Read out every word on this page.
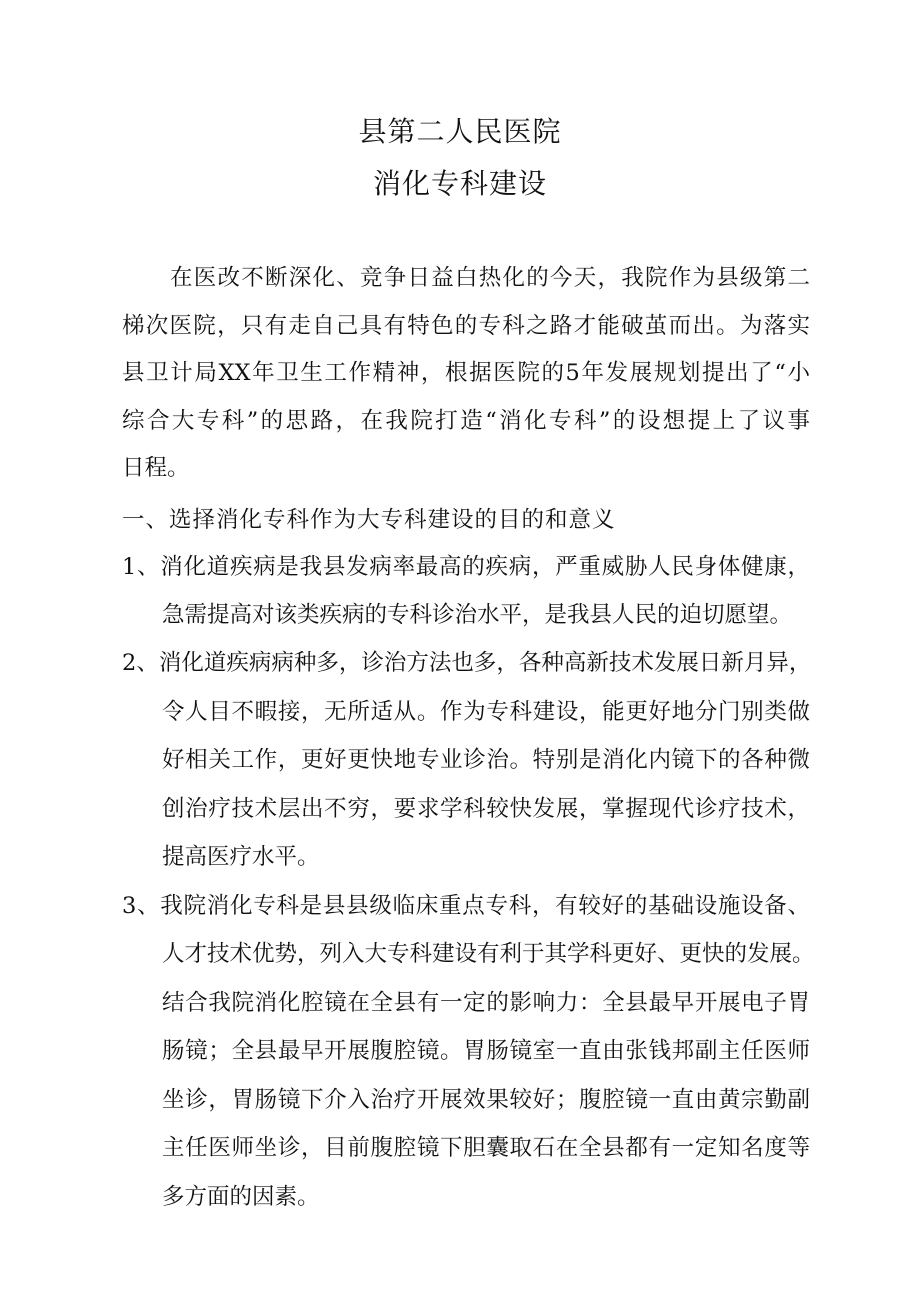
县第二人民医院
消化专科建设
在医改不断深化、竞争日益白热化的今天，我院作为县级第二
梯次医院，只有走自己具有特色的专科之路才能破茧而出。为落实
县卫计局XX年卫生工作精神，根据医院的5年发展规划提出了“小
综合大专科”的思路，在我院打造“消化专科”的设想提上了议事
日程。
一、选择消化专科作为大专科建设的目的和意义
1、消化道疾病是我县发病率最高的疾病，严重威胁人民身体健康，
急需提高对该类疾病的专科诊治水平，是我县人民的迫切愿望。
2、消化道疾病病种多，诊治方法也多，各种高新技术发展日新月异，
令人目不暇接，无所适从。作为专科建设，能更好地分门别类做
好相关工作，更好更快地专业诊治。特别是消化内镜下的各种微
创治疗技术层出不穷，要求学科较快发展，掌握现代诊疗技术，
提高医疗水平。
3、我院消化专科是县县级临床重点专科，有较好的基础设施设备、
人才技术优势，列入大专科建设有利于其学科更好、更快的发展。
结合我院消化腔镜在全县有一定的影响力：全县最早开展电子胃
肠镜；全县最早开展腹腔镜。胃肠镜室一直由张钱邦副主任医师
坐诊，胃肠镜下介入治疗开展效果较好；腹腔镜一直由黄宗勤副
主任医师坐诊，目前腹腔镜下胆囊取石在全县都有一定知名度等
多方面的因素。
